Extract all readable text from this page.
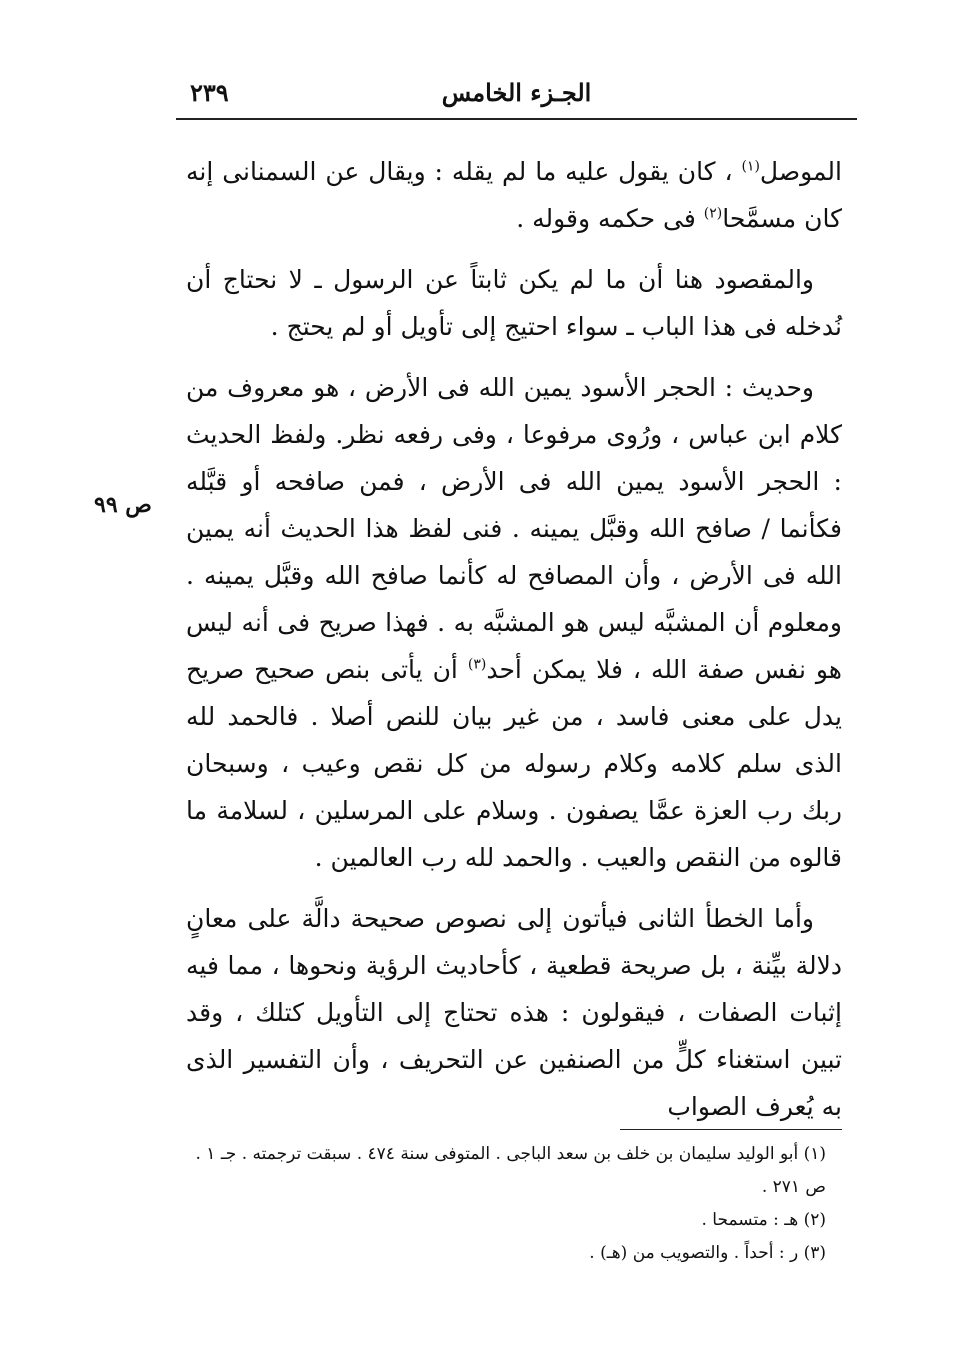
٢٣٩	الجـزء الخامس
ص ٩٩

الموصل$^{(١)}$ ، كان يقول عليه ما لم يقله : ويقال عن السمنانى إنه كان مسمَّحا$^{(٢)}$ فى حكمه وقوله .

والمقصود هنا أن ما لم يكن ثابتاً عن الرسول ـ لا نحتاج أن نُدخله فى هذا الباب ـ سواء احتيج إلى تأويل أو لم يحتج .

وحديث : الحجر الأسود يمين الله فى الأرض ، هو معروف من كلام ابن عباس ، ورُوى مرفوعا ، وفى رفعه نظر. ولفظ الحديث : الحجر الأسود يمين الله فى الأرض ، فمن صافحه أو قبَّله فكأنما / صافح الله وقبَّل يمينه . فنى لفظ هذا الحديث أنه يمين الله فى الأرض ، وأن المصافح له كأنما صافح الله وقبَّل يمينه . ومعلوم أن المشبَّه ليس هو المشبَّه به . فهذا صريح فى أنه ليس هو نفس صفة الله ، فلا يمكن أحد$^{(٣)}$ أن يأتى بنص صحيح صريح يدل على معنى فاسد ، من غير بيان للنص أصلا . فالحمد لله الذى سلم كلامه وكلام رسوله من كل نقص وعيب ، وسبحان ربك رب العزة عمَّا يصفون . وسلام على المرسلين ، لسلامة ما قالوه من النقص والعيب . والحمد لله رب العالمين .

وأما الخطأ الثانى فيأتون إلى نصوص صحيحة دالَّة على معانٍ دلالة بيِّنة ، بل صريحة قطعية ، كأحاديث الرؤية ونحوها ، مما فيه إثبات الصفات ، فيقولون : هذه تحتاج إلى التأويل كتلك ، وقد تبين استغناء كلٍّ من الصنفين عن التحريف ، وأن التفسير الذى به يُعرف الصواب

(١) أبو الوليد سليمان بن خلف بن سعد الباجى . المتوفى سنة ٤٧٤ . سبقت ترجمته . جـ ١ . ص ٢٧١ .

(٢) هـ : متسمحا .

(٣) ر : أحداً . والتصويب من (هـ) .
